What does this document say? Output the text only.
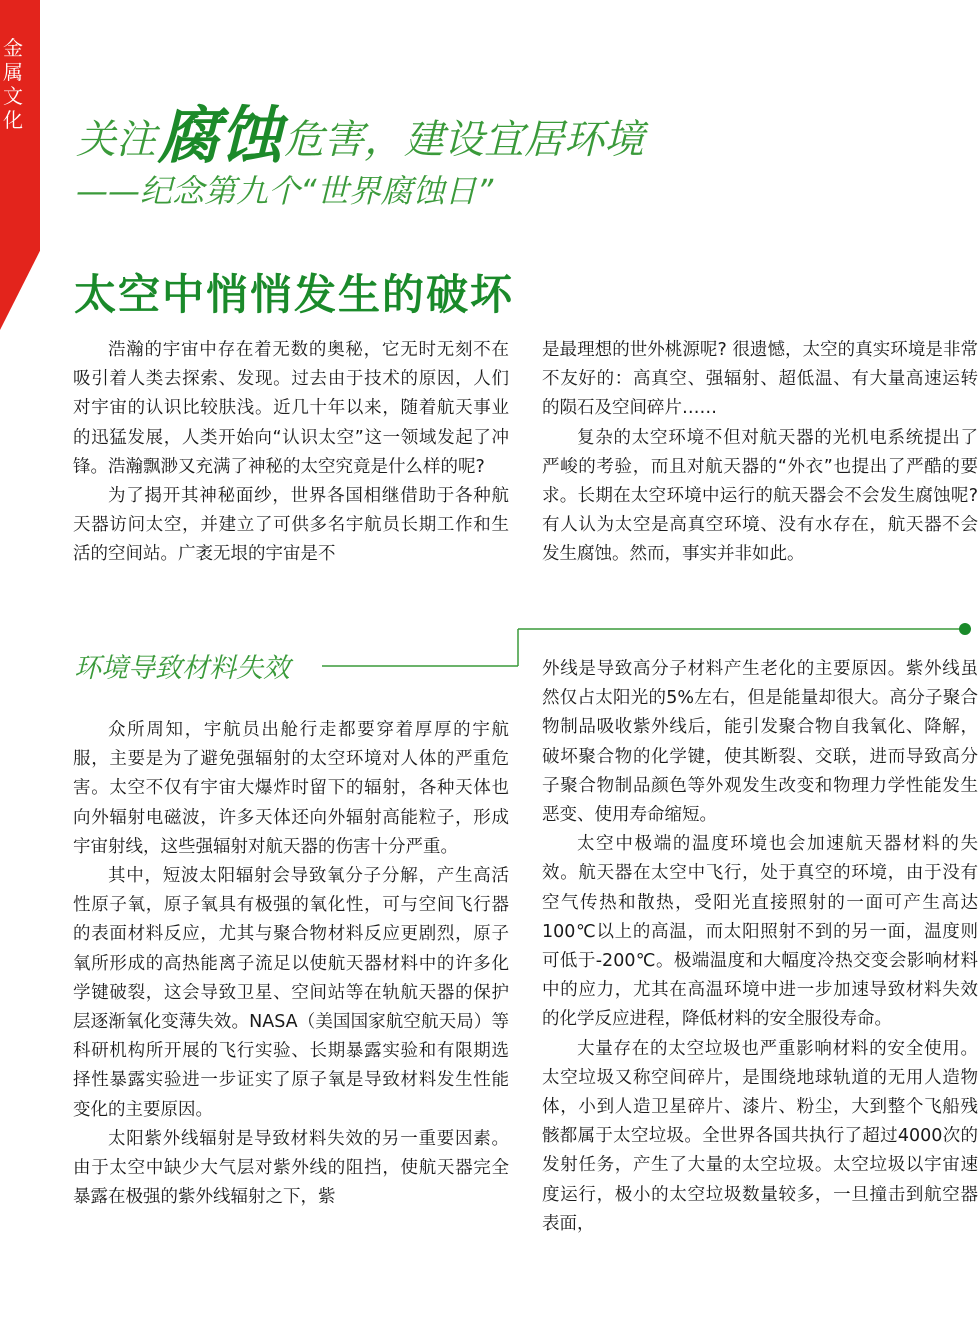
金
属
文
化 关注腐蚀危害，建设宜居环境
——纪念第九个“世界腐蚀日”
太空中悄悄发生的破坏

浩瀚的宇宙中存在着无数的奥秘，它无时无刻不在吸引着人类去探索、发现。过去由于技术的原因，人们对宇宙的认识比较肤浅。近几十年以来，随着航天事业的迅猛发展，人类开始向“认识太空”这一领域发起了冲锋。浩瀚飘渺又充满了神秘的太空究竟是什么样的呢?

为了揭开其神秘面纱，世界各国相继借助于各种航天器访问太空，并建立了可供多名宇航员长期工作和生活的空间站。广袤无垠的宇宙是不

是最理想的世外桃源呢? 很遗憾，太空的真实环境是非常不友好的：高真空、强辐射、超低温、有大量高速运转的陨石及空间碎片……

复杂的太空环境不但对航天器的光机电系统提出了严峻的考验，而且对航天器的“外衣”也提出了严酷的要求。长期在太空环境中运行的航天器会不会发生腐蚀呢? 有人认为太空是高真空环境、没有水存在，航天器不会发生腐蚀。然而，事实并非如此。

环境导致材料失效

众所周知，宇航员出舱行走都要穿着厚厚的宇航服，主要是为了避免强辐射的太空环境对人体的严重危害。太空不仅有宇宙大爆炸时留下的辐射，各种天体也向外辐射电磁波，许多天体还向外辐射高能粒子，形成宇宙射线，这些强辐射对航天器的伤害十分严重。

其中，短波太阳辐射会导致氧分子分解，产生高活性原子氧，原子氧具有极强的氧化性，可与空间飞行器的表面材料反应，尤其与聚合物材料反应更剧烈，原子氧所形成的高热能离子流足以使航天器材料中的许多化学键破裂，这会导致卫星、空间站等在轨航天器的保护层逐渐氧化变薄失效。NASA（美国国家航空航天局）等科研机构所开展的飞行实验、长期暴露实验和有限期选择性暴露实验进一步证实了原子氧是导致材料发生性能变化的主要原因。

太阳紫外线辐射是导致材料失效的另一重要因素。由于太空中缺少大气层对紫外线的阻挡，使航天器完全暴露在极强的紫外线辐射之下，紫

外线是导致高分子材料产生老化的主要原因。紫外线虽然仅占太阳光的5%左右，但是能量却很大。高分子聚合物制品吸收紫外线后，能引发聚合物自我氧化、降解，破坏聚合物的化学键，使其断裂、交联，进而导致高分子聚合物制品颜色等外观发生改变和物理力学性能发生恶变、使用寿命缩短。

太空中极端的温度环境也会加速航天器材料的失效。航天器在太空中飞行，处于真空的环境，由于没有空气传热和散热，受阳光直接照射的一面可产生高达100℃以上的高温，而太阳照射不到的另一面，温度则可低于-200℃。极端温度和大幅度冷热交变会影响材料中的应力，尤其在高温环境中进一步加速导致材料失效的化学反应进程，降低材料的安全服役寿命。

大量存在的太空垃圾也严重影响材料的安全使用。太空垃圾又称空间碎片，是围绕地球轨道的无用人造物体，小到人造卫星碎片、漆片、粉尘，大到整个飞船残骸都属于太空垃圾。全世界各国共执行了超过4000次的发射任务，产生了大量的太空垃圾。太空垃圾以宇宙速度运行，极小的太空垃圾数量较多，一旦撞击到航空器表面，
